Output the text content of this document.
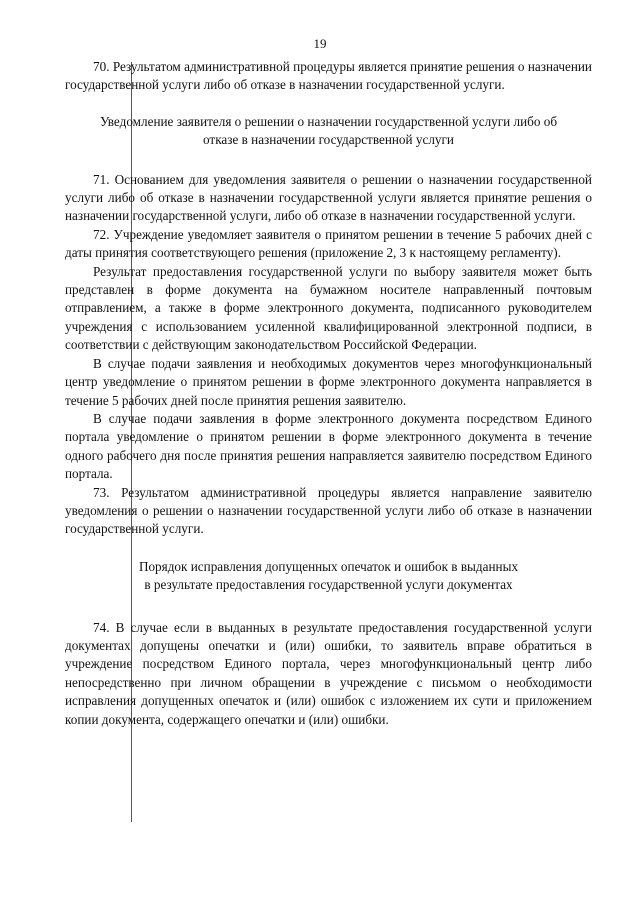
19

70. Результатом административной процедуры является принятие решения о назначении государственной услуги либо об отказе в назначении государственной услуги.

Уведомление заявителя о решении о назначении государственной услуги либо об отказе в назначении государственной услуги

71. Основанием для уведомления заявителя о решении о назначении государственной услуги либо об отказе в назначении государственной услуги является принятие решения о назначении государственной услуги, либо об отказе в назначении государственной услуги.

72. Учреждение уведомляет заявителя о принятом решении в течение 5 рабочих дней с даты принятия соответствующего решения (приложение 2, 3 к настоящему регламенту).

Результат предоставления государственной услуги по выбору заявителя может быть представлен в форме документа на бумажном носителе направленный почтовым отправлением, а также в форме электронного документа, подписанного руководителем учреждения с использованием усиленной квалифицированной электронной подписи, в соответствии с действующим законодательством Российской Федерации.

В случае подачи заявления и необходимых документов через многофункциональный центр уведомление о принятом решении в форме электронного документа направляется в течение 5 рабочих дней после принятия решения заявителю.

В случае подачи заявления в форме электронного документа посредством Единого портала уведомление о принятом решении в форме электронного документа в течение одного рабочего дня после принятия решения направляется заявителю посредством Единого портала.

73. Результатом административной процедуры является направление заявителю уведомления о решении о назначении государственной услуги либо об отказе в назначении государственной услуги.

Порядок исправления допущенных опечаток и ошибок в выданных в результате предоставления государственной услуги документах

74. В случае если в выданных в результате предоставления государственной услуги документах допущены опечатки и (или) ошибки, то заявитель вправе обратиться в учреждение посредством Единого портала, через многофункциональный центр либо непосредственно при личном обращении в учреждение с письмом о необходимости исправления допущенных опечаток и (или) ошибок с изложением их сути и приложением копии документа, содержащего опечатки и (или) ошибки.
